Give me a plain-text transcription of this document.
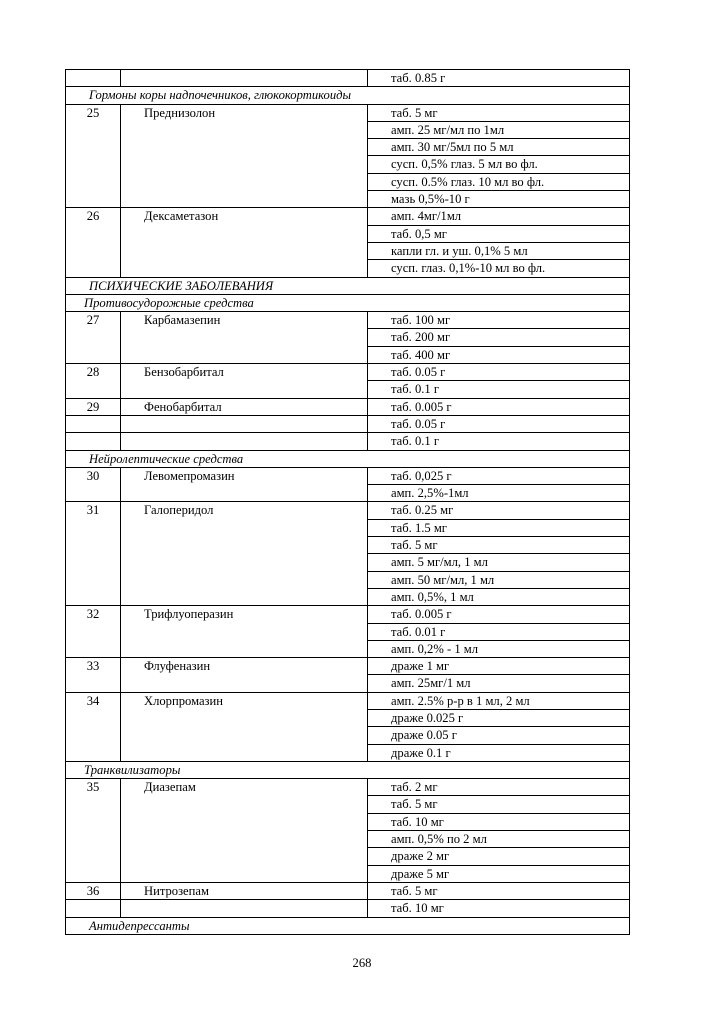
		таб. 0.85 г
Гормоны коры надпочечников, глюкокортикоиды		
25	Преднизолон	таб. 5 мг
		амп. 25 мг/мл по 1мл
		амп. 30 мг/5мл по 5 мл
		сусп. 0,5% глаз. 5 мл во фл.
		сусп. 0.5% глаз. 10 мл во фл.
		мазь 0,5%-10 г
26	Дексаметазон	амп. 4мг/1мл
		таб. 0,5 мг
		капли гл. и уш. 0,1% 5 мл
		сусп. глаз. 0,1%-10 мл во фл.
ПСИХИЧЕСКИЕ ЗАБОЛЕВАНИЯ		
Противосудорожные средства		
27	Карбамазепин	таб. 100 мг
		таб. 200 мг
		таб. 400 мг
28	Бензобарбитал	таб. 0.05 г
		таб. 0.1 г
29	Фенобарбитал	таб. 0.005 г
		таб. 0.05 г
		таб. 0.1 г
Нейролептические средства		
30	Левомепромазин	таб. 0,025 г
		амп. 2,5%-1мл
31	Галоперидол	таб. 0.25 мг
		таб. 1.5 мг
		таб. 5 мг
		амп. 5 мг/мл, 1 мл
		амп. 50 мг/мл, 1 мл
		амп. 0,5%, 1 мл
32	Трифлуоперазин	таб. 0.005 г
		таб. 0.01 г
		амп. 0,2% - 1 мл
33	Флуфеназин	драже 1 мг
		амп. 25мг/1 мл
34	Хлорпромазин	амп. 2.5% р-р в 1 мл, 2 мл
		драже 0.025 г
		драже 0.05 г
		драже 0.1 г
Транквилизаторы		
35	Диазепам	таб. 2 мг
		таб. 5 мг
		таб. 10 мг
		амп. 0,5% по 2 мл
		драже 2 мг
		драже 5 мг
36	Нитрозепам	таб. 5 мг
		таб. 10 мг
Антидепрессанты		
268
